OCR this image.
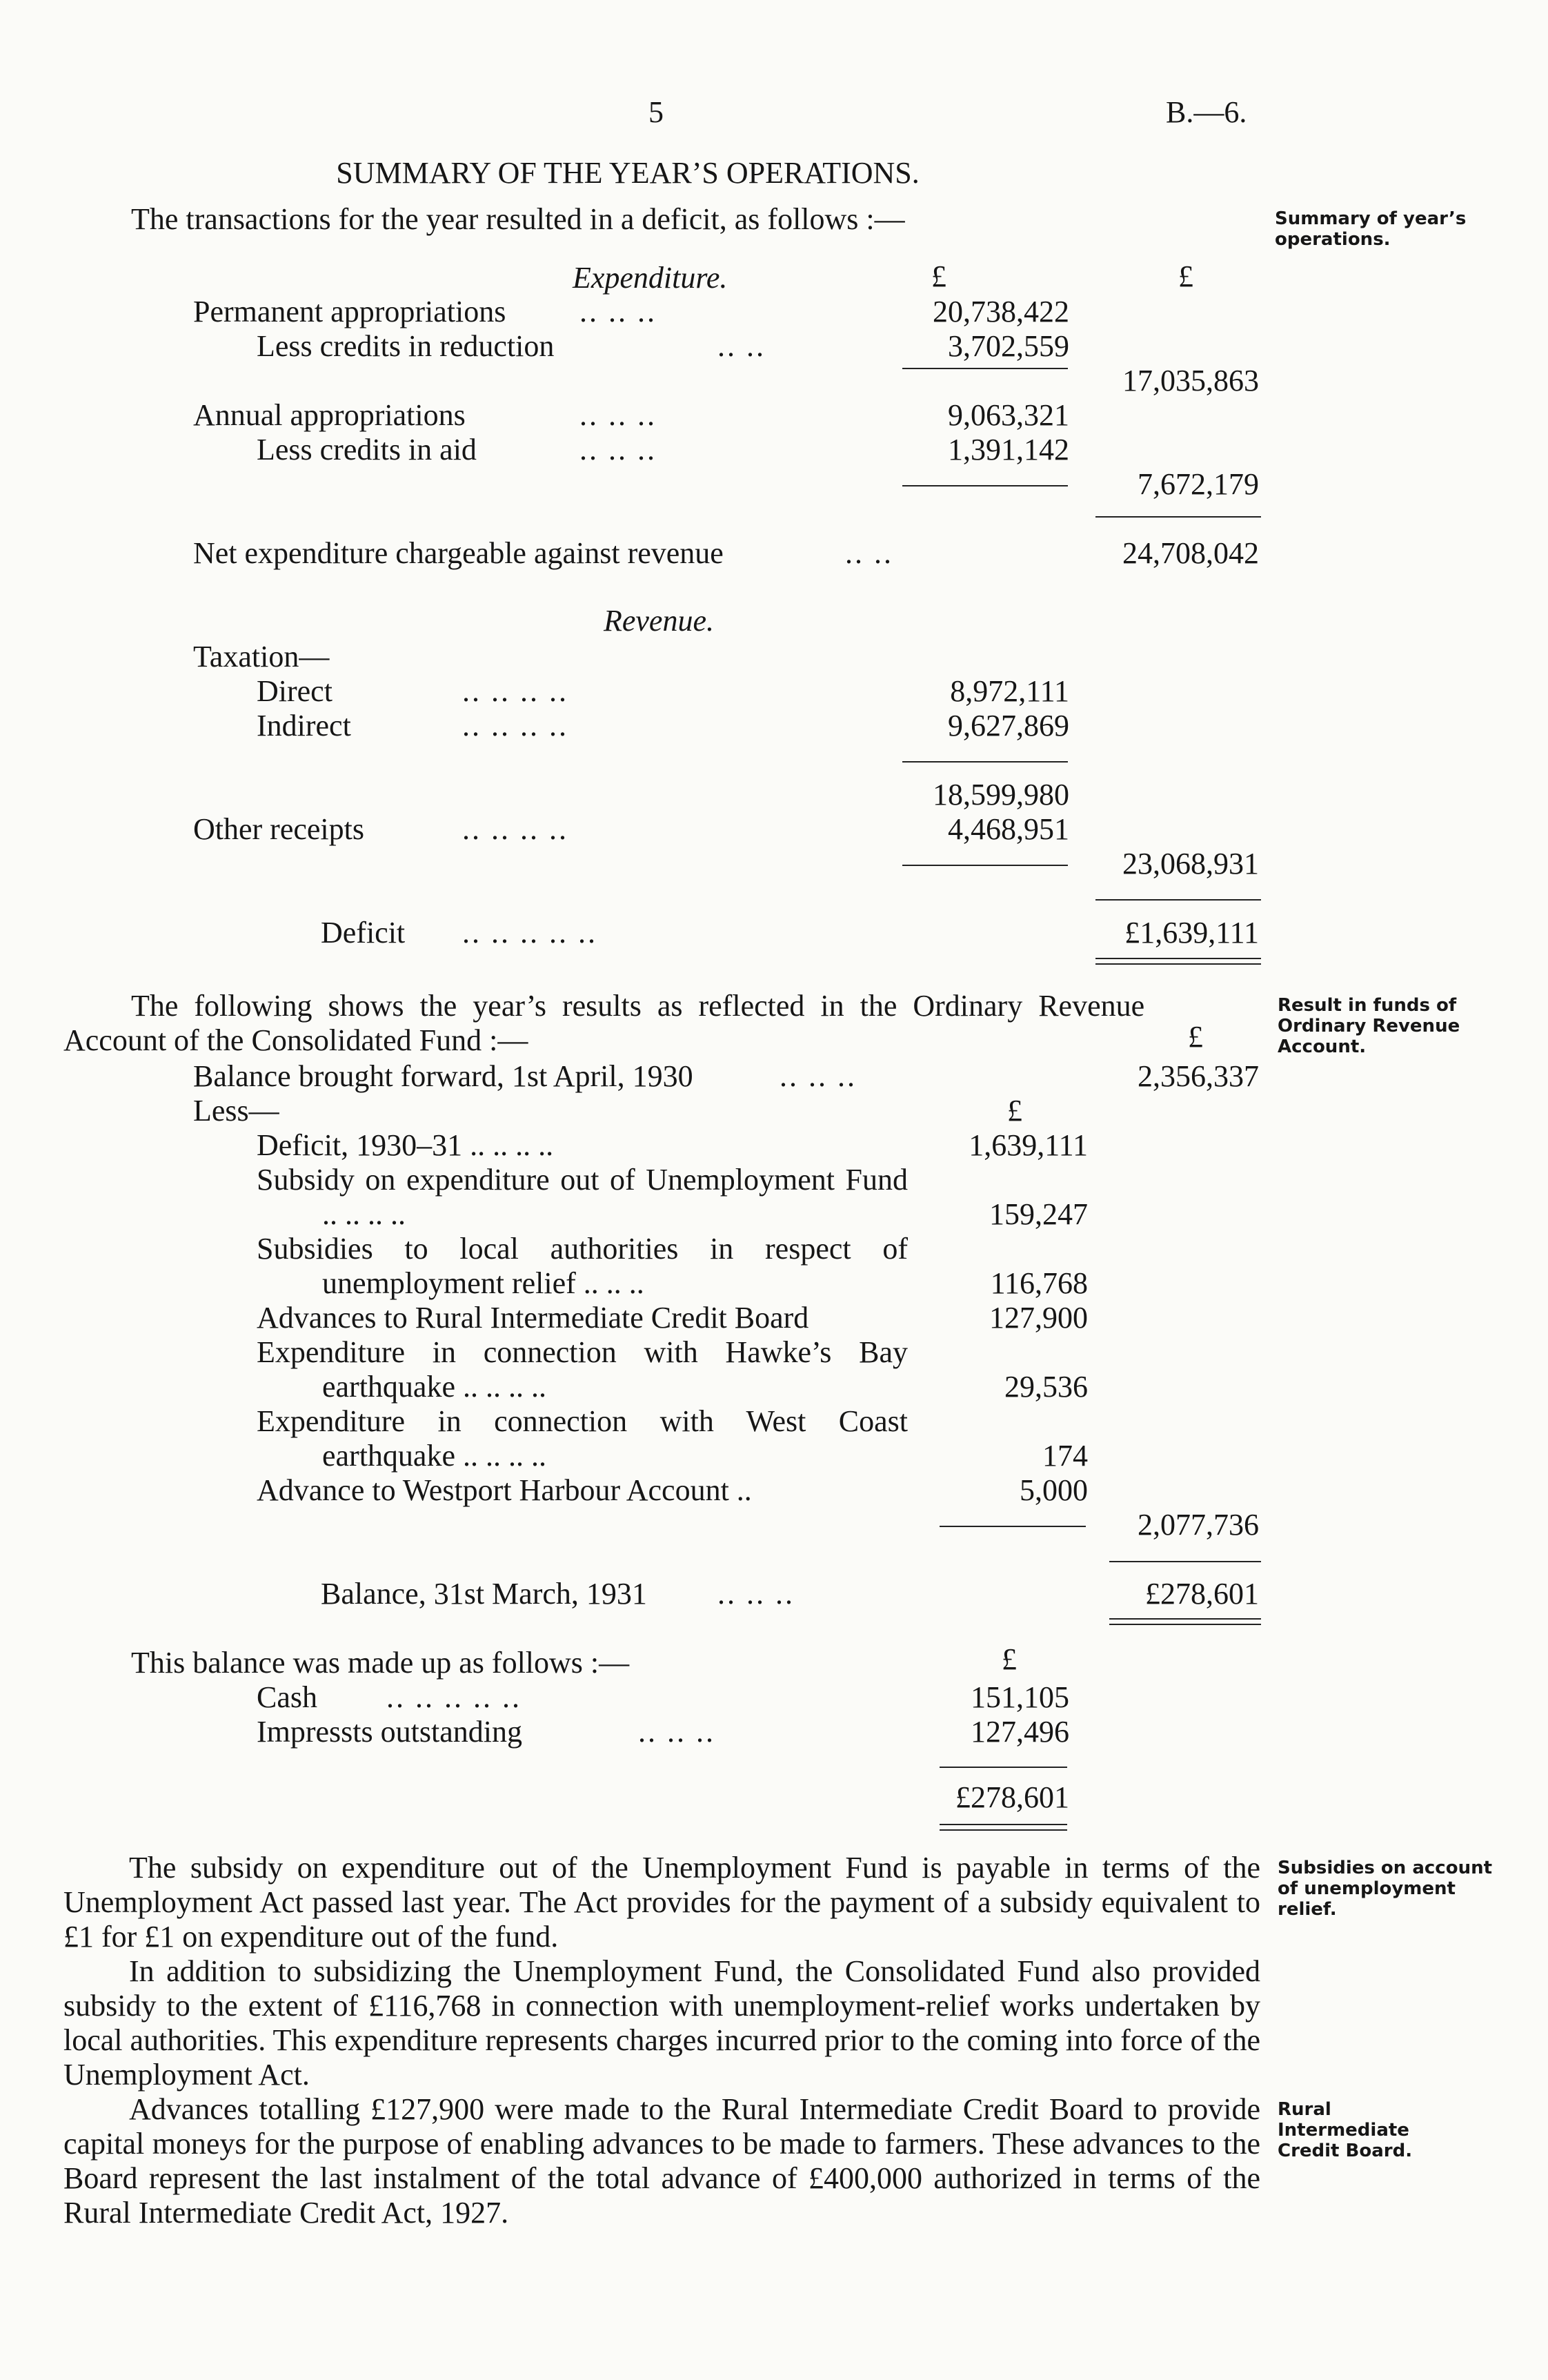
5	B.—6.
SUMMARY OF THE YEAR’S OPERATIONS.
The transactions for the year resulted in a deficit, as follows :—	Summary of year’s
operations.
Expenditure.	£	£
Permanent appropriations .. .. ..	20,738,422
Less credits in reduction	.. ..	3,702,559
17,035,863
Annual appropriations	.. .. ..	9,063,321
Less credits in aid	.. .. ..	1,391,142
7,672,179
Net expenditure chargeable against revenue	.. ..	24,708,042
Revenue.
Taxation—
Direct	.. .. .. ..	8,972,111
Indirect	.. .. .. ..	9,627,869
18,599,980
Other receipts	.. .. .. ..	4,468,951
23,068,931
Deficit .. .. .. .. ..	£1,639,111
The following shows the year’s results as reflected in the Ordinary Revenue
Account of the Consolidated Fund :—	£
Result in funds of
Ordinary Revenue
Account.
Balance brought forward, 1st April, 1930	.. .. ..	2,356,337
Less—	£
Deficit, 1930–31 .. .. .. ..	1,639,111
Subsidy on expenditure out of Unemployment Fund .. .. .. ..	159,247
Subsidies to local authorities in respect of unemployment relief .. .. ..	116,768
Advances to Rural Intermediate Credit Board	127,900
Expenditure in connection with Hawke’s Bay earthquake .. .. .. ..	29,536
Expenditure in connection with West Coast earthquake .. .. .. ..	174
Advance to Westport Harbour Account ..	5,000
2,077,736
Balance, 31st March, 1931 .. .. ..	£278,601
This balance was made up as follows :—	£
Cash .. .. .. .. ..	151,105
Impressts outstanding	.. .. ..	127,496
£278,601

The subsidy on expenditure out of the Unemployment Fund is payable in terms of the Unemployment Act passed last year. The Act provides for the payment of a subsidy equivalent to £1 for £1 on expenditure out of the fund.

In addition to subsidizing the Unemployment Fund, the Consolidated Fund also provided subsidy to the extent of £116,768 in connection with unemployment-relief works undertaken by local authorities. This expenditure represents charges incurred prior to the coming into force of the Unemployment Act.

Advances totalling £127,900 were made to the Rural Intermediate Credit Board to provide capital moneys for the purpose of enabling advances to be made to farmers. These advances to the Board represent the last instalment of the total advance of £400,000 authorized in terms of the Rural Intermediate Credit Act, 1927.

Subsidies on account
of unemployment
relief.
Rural
Intermediate
Credit Board.
